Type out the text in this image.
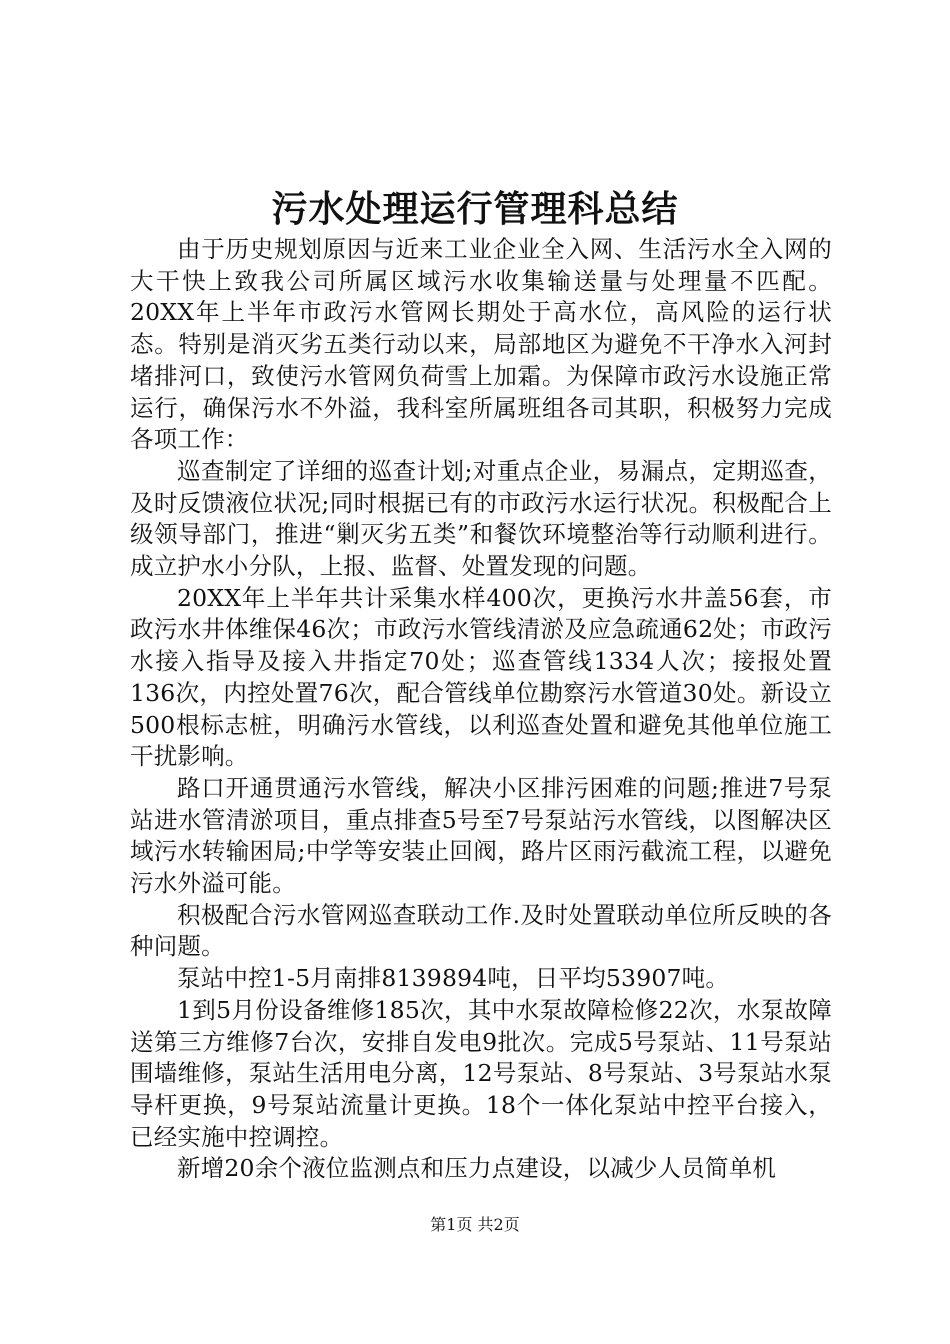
污水处理运行管理科总结

由于历史规划原因与近来工业企业全入网、生活污水全入网的大干快上致我公司所属区域污水收集输送量与处理量不匹配。20XX年上半年市政污水管网长期处于高水位，高风险的运行状态。特别是消灭劣五类行动以来，局部地区为避免不干净水入河封堵排河口，致使污水管网负荷雪上加霜。为保障市政污水设施正常运行，确保污水不外溢，我科室所属班组各司其职，积极努力完成各项工作：

巡查制定了详细的巡查计划;对重点企业，易漏点，定期巡查，及时反馈液位状况;同时根据已有的市政污水运行状况。积极配合上级领导部门，推进“剿灭劣五类”和餐饮环境整治等行动顺利进行。成立护水小分队，上报、监督、处置发现的问题。

20XX年上半年共计采集水样400次，更换污水井盖56套，市政污水井体维保46次；市政污水管线清淤及应急疏通62处；市政污水接入指导及接入井指定70处；巡查管线1334人次；接报处置136次，内控处置76次，配合管线单位勘察污水管道30处。新设立500根标志桩，明确污水管线，以利巡查处置和避免其他单位施工干扰影响。

路口开通贯通污水管线，解决小区排污困难的问题;推进7号泵站进水管清淤项目，重点排查5号至7号泵站污水管线，以图解决区域污水转输困局;中学等安装止回阀，路片区雨污截流工程，以避免污水外溢可能。

积极配合污水管网巡查联动工作.及时处置联动单位所反映的各种问题。

泵站中控1-5月南排8139894吨，日平均53907吨。

1到5月份设备维修185次，其中水泵故障检修22次，水泵故障送第三方维修7台次，安排自发电9批次。完成5号泵站、11号泵站围墙维修，泵站生活用电分离，12号泵站、8号泵站、3号泵站水泵导杆更换，9号泵站流量计更换。18个一体化泵站中控平台接入，已经实施中控调控。

新增20余个液位监测点和压力点建设，以减少人员简单机

第1页 共2页
